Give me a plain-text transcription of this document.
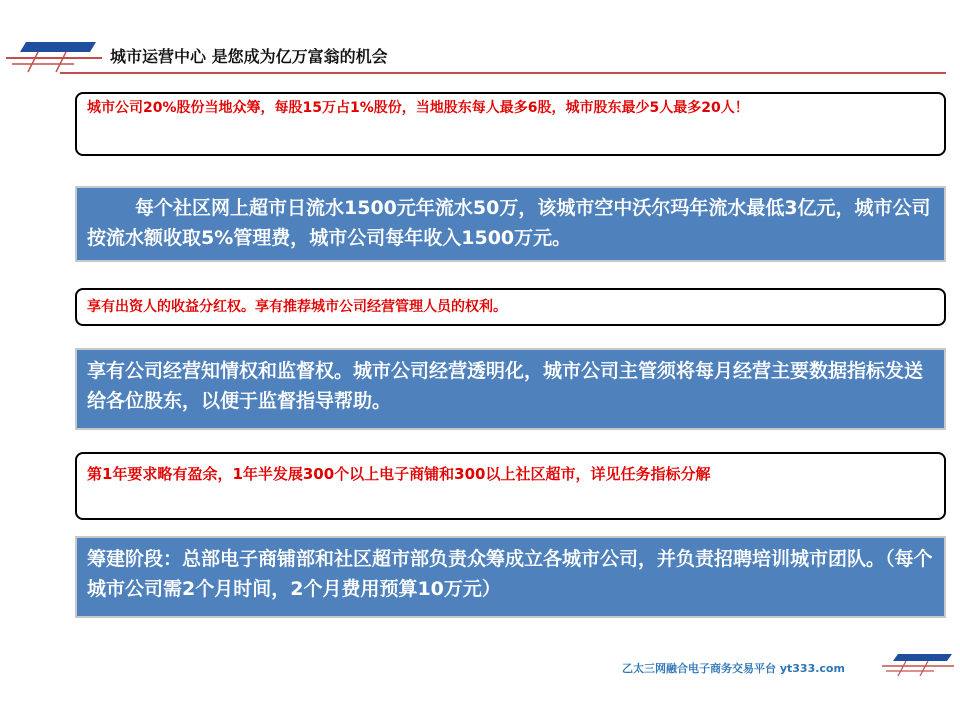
城市运营中心 是您成为亿万富翁的机会
城市公司20%股份当地众筹，每股15万占1%股份，当地股东每人最多6股，城市股东最少5人最多20人！
每个社区网上超市日流水1500元年流水50万，该城市空中沃尔玛年流水最低3亿元，城市公司按流水额收取5%管理费，城市公司每年收入1500万元。
享有出资人的收益分红权。享有推荐城市公司经营管理人员的权利。
享有公司经营知情权和监督权。城市公司经营透明化，城市公司主管须将每月经营主要数据指标发送给各位股东，以便于监督指导帮助。
第1年要求略有盈余，1年半发展300个以上电子商铺和300以上社区超市，详见任务指标分解
筹建阶段：总部电子商铺部和社区超市部负责众筹成立各城市公司，并负责招聘培训城市团队。（每个城市公司需2个月时间，2个月费用预算10万元）
乙太三网融合电子商务交易平台 yt333.com
